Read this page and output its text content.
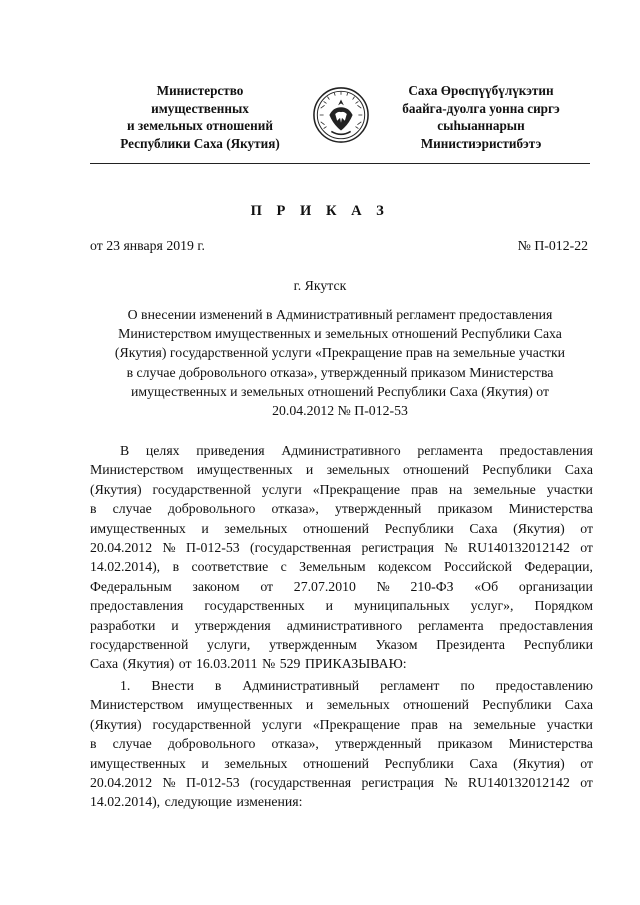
Министерство
имущественных
и земельных отношений
Республики Саха (Якутия)
Саха Өрөспүүбүлүкэтин
баайга-дуолга уонна сиргэ
сыһыаннарын
Министиэристибэтэ
П Р И К А З
от 23 января 2019 г.	№ П-012-22
г. Якутск
О внесении изменений в Административный регламент предоставления
Министерством имущественных и земельных отношений Республики Саха
(Якутия) государственной услуги «Прекращение прав на земельные участки
в случае добровольного отказа», утвержденный приказом Министерства
имущественных и земельных отношений Республики Саха (Якутия) от
20.04.2012 № П-012-53
В целях приведения Административного регламента предоставления
Министерством имущественных и земельных отношений Республики Саха
(Якутия) государственной услуги «Прекращение прав на земельные участки
в случае добровольного отказа», утвержденный приказом Министерства
имущественных и земельных отношений Республики Саха (Якутия) от
20.04.2012 № П-012-53 (государственная регистрация № RU140132012142 от
14.02.2014), в соответствие с Земельным кодексом Российской Федерации,
Федеральным законом от 27.07.2010 № 210-ФЗ «Об организации
предоставления государственных и муниципальных услуг», Порядком
разработки и утверждения административного регламента предоставления
государственной услуги, утвержденным Указом Президента Республики
Саха (Якутия) от 16.03.2011 № 529 ПРИКАЗЫВАЮ:
1. Внести в Административный регламент по предоставлению
Министерством имущественных и земельных отношений Республики Саха
(Якутия) государственной услуги «Прекращение прав на земельные участки
в случае добровольного отказа», утвержденный приказом Министерства
имущественных и земельных отношений Республики Саха (Якутия) от
20.04.2012 № П-012-53 (государственная регистрация № RU140132012142 от
14.02.2014), следующие изменения:
